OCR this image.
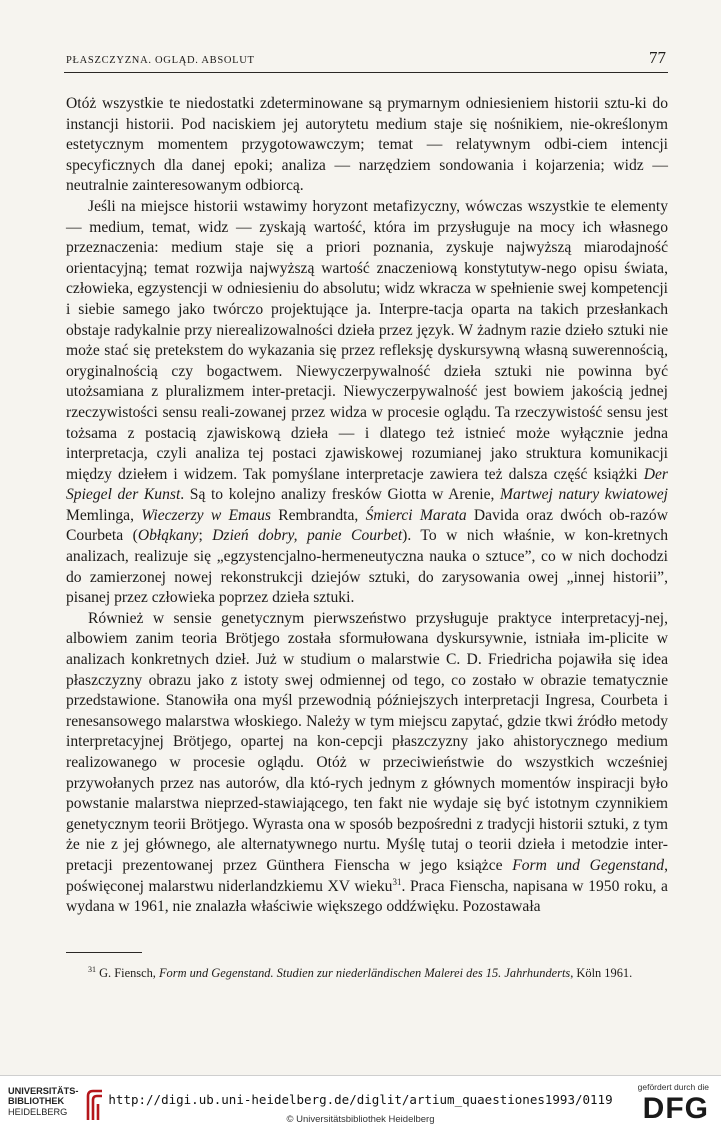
PŁASZCZYZNA. OGLĄD. ABSOLUT	77

Otóż wszystkie te niedostatki zdeterminowane są prymarnym odniesieniem historii sztu-ki do instancji historii. Pod naciskiem jej autorytetu medium staje się nośnikiem, nie-określonym estetycznym momentem przygotowawczym; temat — relatywnym odbi-ciem intencji specyficznych dla danej epoki; analiza — narzędziem sondowania i kojarzenia; widz — neutralnie zainteresowanym odbiorcą.

Jeśli na miejsce historii wstawimy horyzont metafizyczny, wówczas wszystkie te elementy — medium, temat, widz — zyskają wartość, która im przysługuje na mocy ich własnego przeznaczenia: medium staje się a priori poznania, zyskuje najwyższą miarodajność orientacyjną; temat rozwija najwyższą wartość znaczeniową konstytutyw-nego opisu świata, człowieka, egzystencji w odniesieniu do absolutu; widz wkracza w spełnienie swej kompetencji i siebie samego jako twórczo projektujące ja. Interpre-tacja oparta na takich przesłankach obstaje radykalnie przy nierealizowalności dzieła przez język. W żadnym razie dzieło sztuki nie może stać się pretekstem do wykazania się przez refleksję dyskursywną własną suwerennością, oryginalnością czy bogactwem. Niewyczerpywalność dzieła sztuki nie powinna być utożsamiana z pluralizmem inter-pretacji. Niewyczerpywalność jest bowiem jakością jednej rzeczywistości sensu reali-zowanej przez widza w procesie oglądu. Ta rzeczywistość sensu jest tożsama z postacią zjawiskową dzieła — i dlatego też istnieć może wyłącznie jedna interpretacja, czyli analiza tej postaci zjawiskowej rozumianej jako struktura komunikacji między dziełem i widzem. Tak pomyślane interpretacje zawiera też dalsza część książki Der Spiegel der Kunst. Są to kolejno analizy fresków Giotta w Arenie, Martwej natury kwiatowej Memlinga, Wieczerzy w Emaus Rembrandta, Śmierci Marata Davida oraz dwóch ob-razów Courbeta (Obłąkany; Dzień dobry, panie Courbet). To w nich właśnie, w kon-kretnych analizach, realizuje się „egzystencjalno-hermeneutyczna nauka o sztuce”, co w nich dochodzi do zamierzonej nowej rekonstrukcji dziejów sztuki, do zarysowania owej „innej historii”, pisanej przez człowieka poprzez dzieła sztuki.

Również w sensie genetycznym pierwszeństwo przysługuje praktyce interpretacyj-nej, albowiem zanim teoria Brötjego została sformułowana dyskursywnie, istniała im-plicite w analizach konkretnych dzieł. Już w studium o malarstwie C. D. Friedricha pojawiła się idea płaszczyzny obrazu jako z istoty swej odmiennej od tego, co zostało w obrazie tematycznie przedstawione. Stanowiła ona myśl przewodnią późniejszych interpretacji Ingresa, Courbeta i renesansowego malarstwa włoskiego. Należy w tym miejscu zapytać, gdzie tkwi źródło metody interpretacyjnej Brötjego, opartej na kon-cepcji płaszczyzny jako ahistorycznego medium realizowanego w procesie oglądu. Otóż w przeciwieństwie do wszystkich wcześniej przywołanych przez nas autorów, dla któ-rych jednym z głównych momentów inspiracji było powstanie malarstwa nieprzed-stawiającego, ten fakt nie wydaje się być istotnym czynnikiem genetycznym teorii Brötjego. Wyrasta ona w sposób bezpośredni z tradycji historii sztuki, z tym że nie z jej głównego, ale alternatywnego nurtu. Myślę tutaj o teorii dzieła i metodzie inter-pretacji prezentowanej przez Günthera Fienscha w jego książce Form und Gegenstand, poświęconej malarstwu niderlandzkiemu XV wieku$^{31}$. Praca Fienscha, napisana w 1950 roku, a wydana w 1961, nie znalazła właściwie większego oddźwięku. Pozostawała

$^{31}$ G. Fiensch, Form und Gegenstand. Studien zur niederländischen Malerei des 15. Jahrhunderts, Köln 1961.

UNIVERSITÄTS-
BIBLIOTHEK
HEIDELBERG
http://digi.ub.uni-heidelberg.de/diglit/artium_quaestiones1993/0119
© Universitätsbibliothek Heidelberg
gefördert durch die
DFG
